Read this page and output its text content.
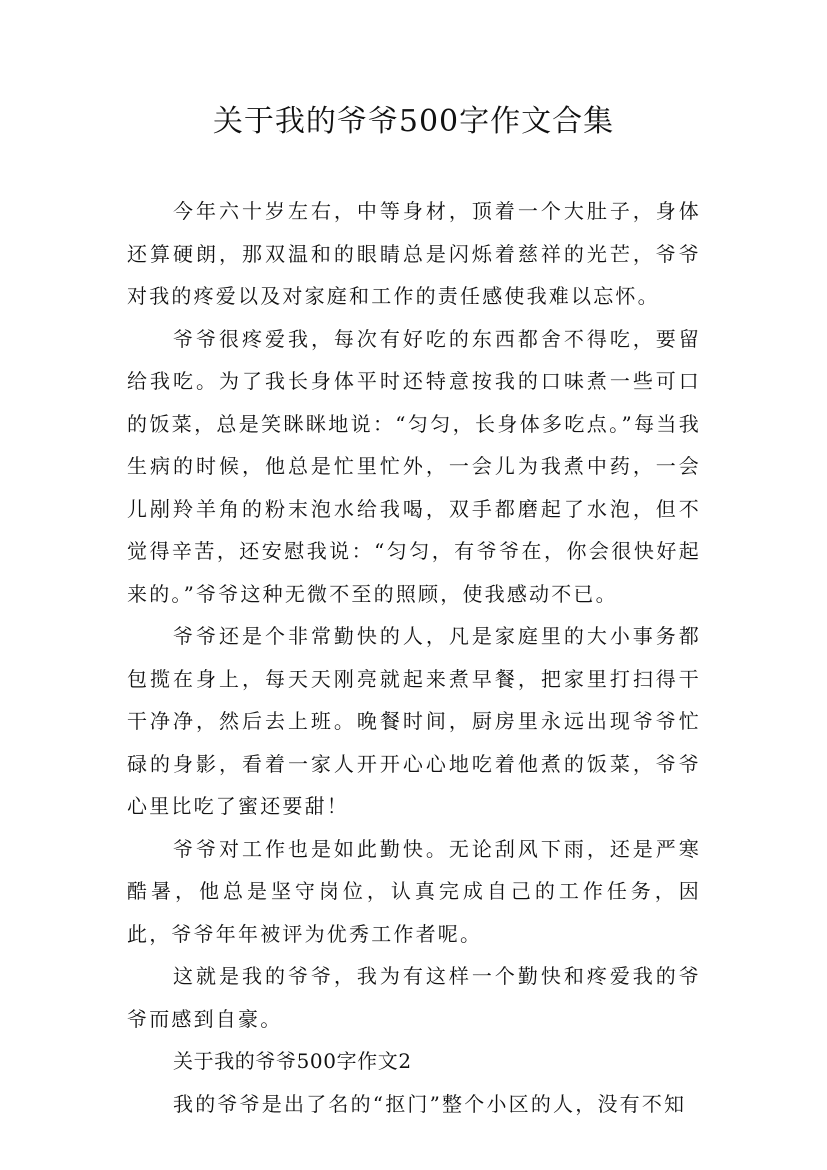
关于我的爷爷500字作文合集

今年六十岁左右，中等身材，顶着一个大肚子，身体还算硬朗，那双温和的眼睛总是闪烁着慈祥的光芒，爷爷对我的疼爱以及对家庭和工作的责任感使我难以忘怀。

爷爷很疼爱我，每次有好吃的东西都舍不得吃，要留给我吃。为了我长身体平时还特意按我的口味煮一些可口的饭菜，总是笑眯眯地说：“匀匀，长身体多吃点。”每当我生病的时候，他总是忙里忙外，一会儿为我煮中药，一会儿剐羚羊角的粉末泡水给我喝，双手都磨起了水泡，但不觉得辛苦，还安慰我说：“匀匀，有爷爷在，你会很快好起来的。”爷爷这种无微不至的照顾，使我感动不已。

爷爷还是个非常勤快的人，凡是家庭里的大小事务都包揽在身上，每天天刚亮就起来煮早餐，把家里打扫得干干净净，然后去上班。晚餐时间，厨房里永远出现爷爷忙碌的身影，看着一家人开开心心地吃着他煮的饭菜，爷爷心里比吃了蜜还要甜！

爷爷对工作也是如此勤快。无论刮风下雨，还是严寒酷暑，他总是坚守岗位，认真完成自己的工作任务，因此，爷爷年年被评为优秀工作者呢。

这就是我的爷爷，我为有这样一个勤快和疼爱我的爷爷而感到自豪。

关于我的爷爷500字作文2

我的爷爷是出了名的“抠门”整个小区的人，没有不知
